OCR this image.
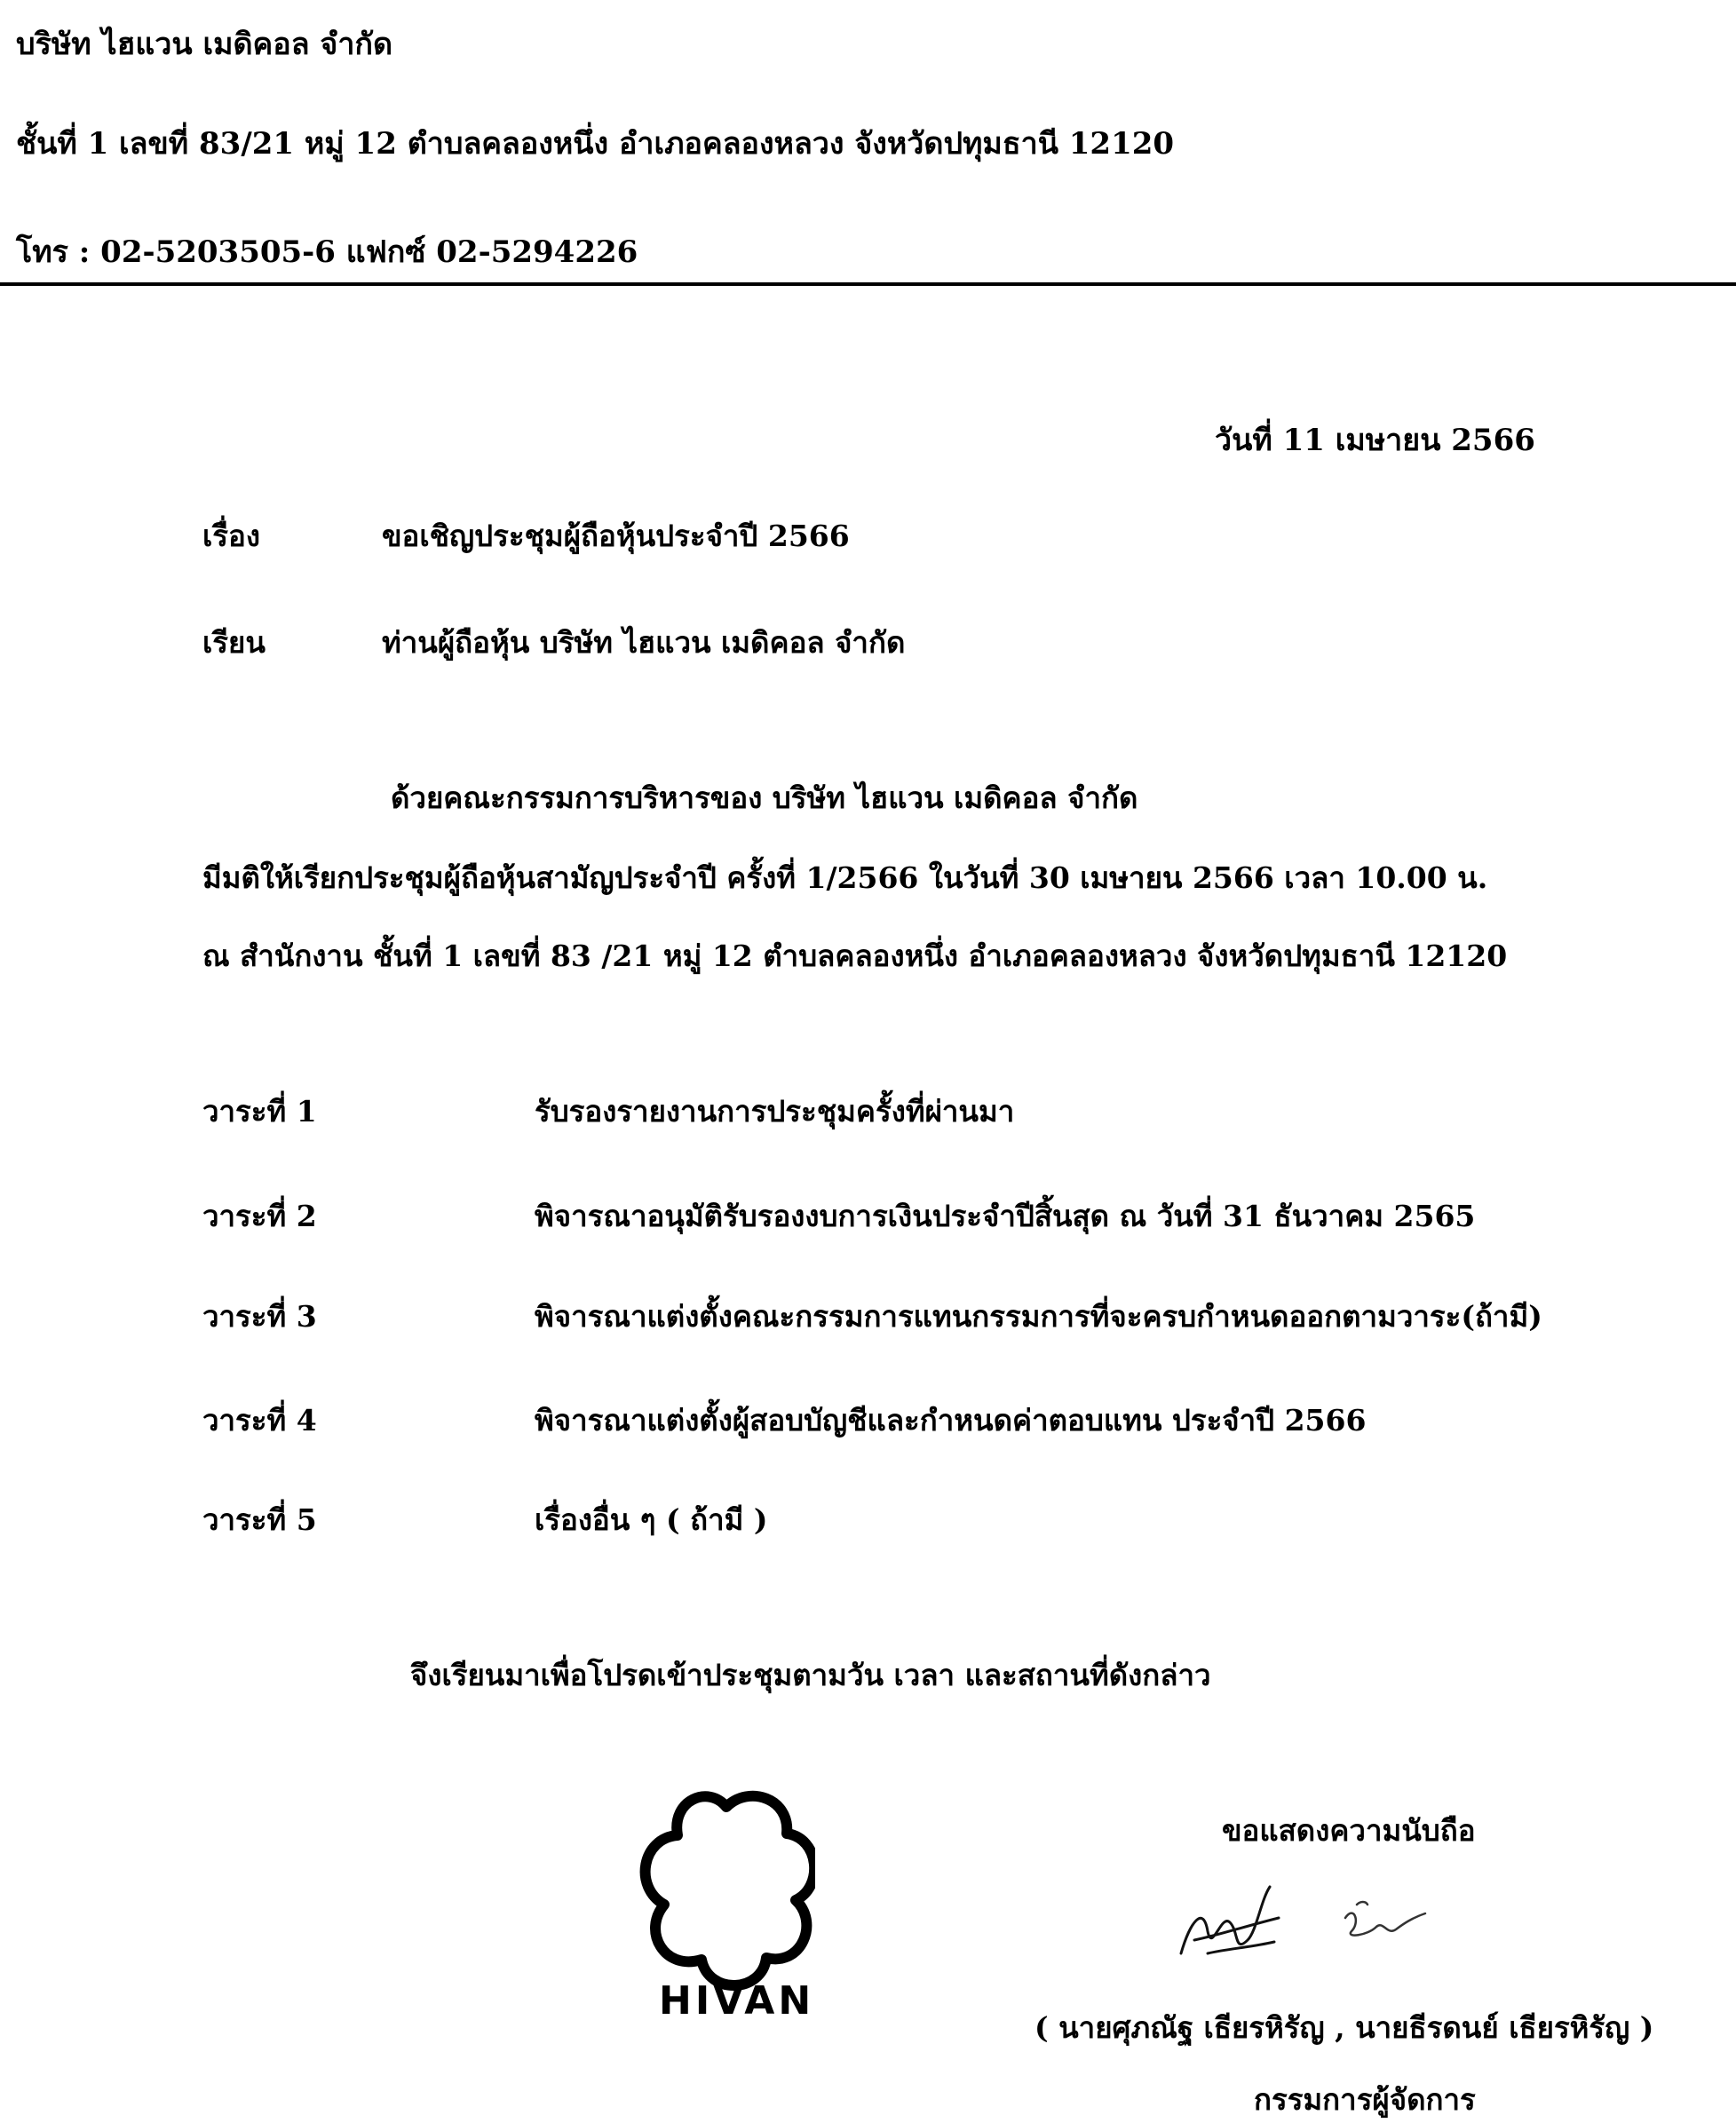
บริษัท ไฮแวน เมดิคอล จำกัด
ชั้นที่ 1 เลขที่ 83/21 หมู่ 12 ตำบลคลองหนึ่ง อำเภอคลองหลวง จังหวัดปทุมธานี 12120
โทร : 02-5203505-6 แฟกซ์ 02-5294226
วันที่ 11 เมษายน 2566
เรื่อง	ขอเชิญประชุมผู้ถือหุ้นประจำปี 2566
เรียน	ท่านผู้ถือหุ้น บริษัท ไฮแวน เมดิคอล จำกัด
ด้วยคณะกรรมการบริหารของ บริษัท ไฮแวน เมดิคอล จำกัด
มีมติให้เรียกประชุมผู้ถือหุ้นสามัญประจำปี ครั้งที่ 1/2566 ในวันที่ 30 เมษายน 2566 เวลา 10.00 น.
ณ สำนักงาน ชั้นที่ 1 เลขที่ 83 /21 หมู่ 12 ตำบลคลองหนึ่ง อำเภอคลองหลวง จังหวัดปทุมธานี 12120
วาระที่ 1	รับรองรายงานการประชุมครั้งที่ผ่านมา
วาระที่ 2	พิจารณาอนุมัติรับรองงบการเงินประจำปีสิ้นสุด ณ วันที่ 31 ธันวาคม 2565
วาระที่ 3	พิจารณาแต่งตั้งคณะกรรมการแทนกรรมการที่จะครบกำหนดออกตามวาระ(ถ้ามี)
วาระที่ 4	พิจารณาแต่งตั้งผู้สอบบัญชีและกำหนดค่าตอบแทน ประจำปี 2566
วาระที่ 5	เรื่องอื่น ๆ ( ถ้ามี )
จึงเรียนมาเพื่อโปรดเข้าประชุมตามวัน เวลา และสถานที่ดังกล่าว
HIVAN
ขอแสดงความนับถือ
( นายศุภณัฐ เธียรหิรัญ , นายธีรดนย์ เธียรหิรัญ )
กรรมการผู้จัดการ
